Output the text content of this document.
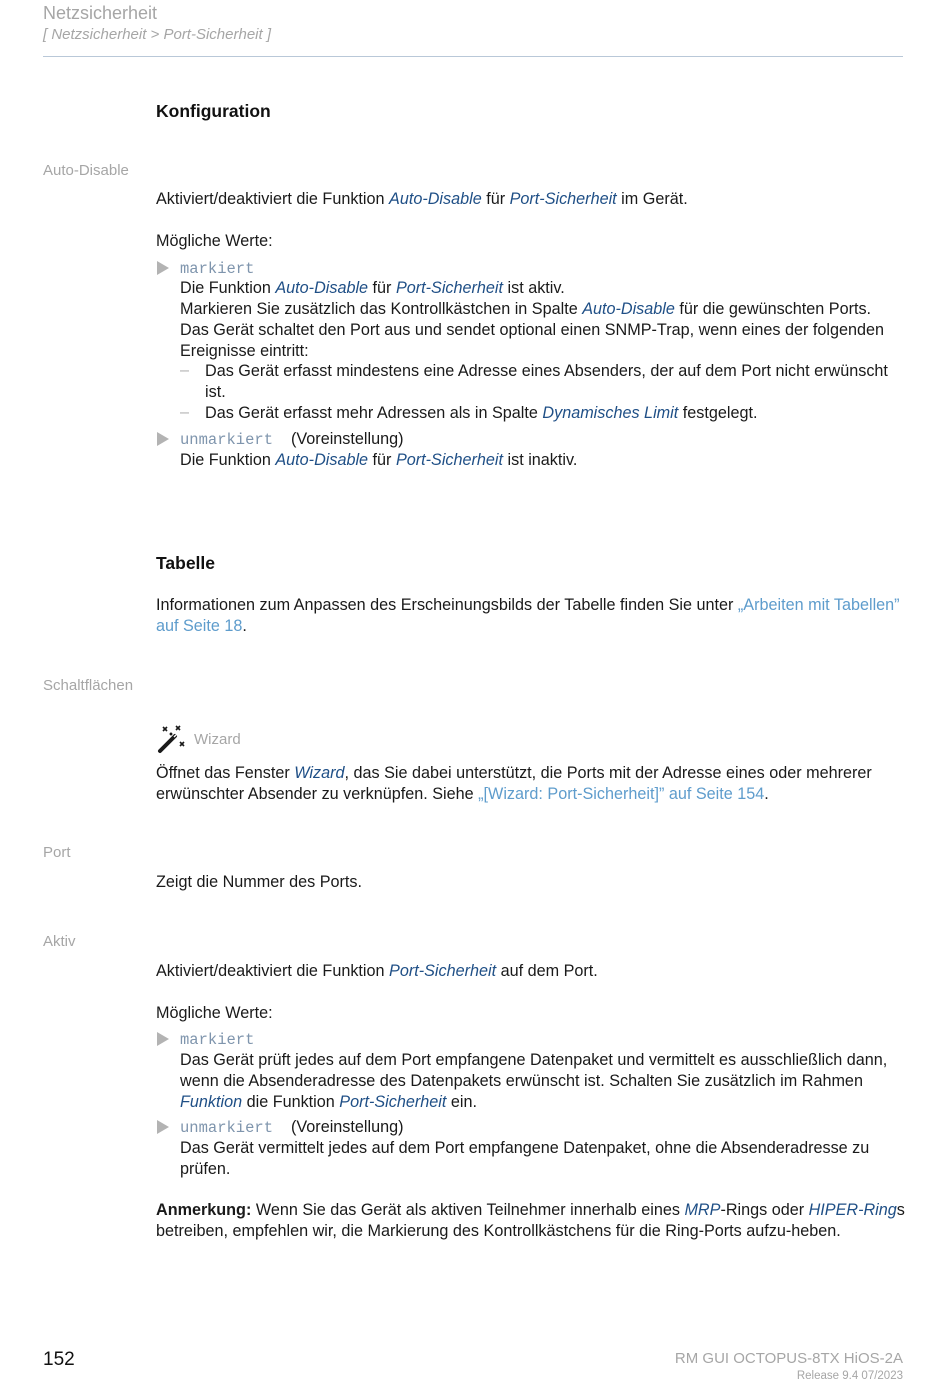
Netzsicherheit
[ Netzsicherheit > Port-Sicherheit ]
Konfiguration
Auto-Disable

Aktiviert/deaktiviert die Funktion Auto-Disable für Port-Sicherheit im Gerät.

Mögliche Werte:

markiert

Die Funktion Auto-Disable für Port-Sicherheit ist aktiv.
Markieren Sie zusätzlich das Kontrollkästchen in Spalte Auto-Disable für die gewünschten Ports.
Das Gerät schaltet den Port aus und sendet optional einen SNMP-Trap, wenn eines der folgenden Ereignisse eintritt:

– Das Gerät erfasst mindestens eine Adresse eines Absenders, der auf dem Port nicht erwünscht ist.

– Das Gerät erfasst mehr Adressen als in Spalte Dynamisches Limit festgelegt.

unmarkiert (Voreinstellung)

Die Funktion Auto-Disable für Port-Sicherheit ist inaktiv.

Tabelle

Informationen zum Anpassen des Erscheinungsbilds der Tabelle finden Sie unter „Arbeiten mit Tabellen” auf Seite 18.

Schaltflächen
Wizard

Öffnet das Fenster Wizard, das Sie dabei unterstützt, die Ports mit der Adresse eines oder mehrerer erwünschter Absender zu verknüpfen. Siehe „[Wizard: Port-Sicherheit]” auf Seite 154.

Port

Zeigt die Nummer des Ports.

Aktiv

Aktiviert/deaktiviert die Funktion Port-Sicherheit auf dem Port.

Mögliche Werte:

markiert

Das Gerät prüft jedes auf dem Port empfangene Datenpaket und vermittelt es ausschließlich dann, wenn die Absenderadresse des Datenpakets erwünscht ist. Schalten Sie zusätzlich im Rahmen Funktion die Funktion Port-Sicherheit ein.

unmarkiert (Voreinstellung)

Das Gerät vermittelt jedes auf dem Port empfangene Datenpaket, ohne die Absenderadresse zu prüfen.

Anmerkung: Wenn Sie das Gerät als aktiven Teilnehmer innerhalb eines MRP-Rings oder HIPER-Rings betreiben, empfehlen wir, die Markierung des Kontrollkästchens für die Ring-Ports aufzu-heben.

152	RM GUI OCTOPUS-8TX HiOS-2A
Release 9.4 07/2023
